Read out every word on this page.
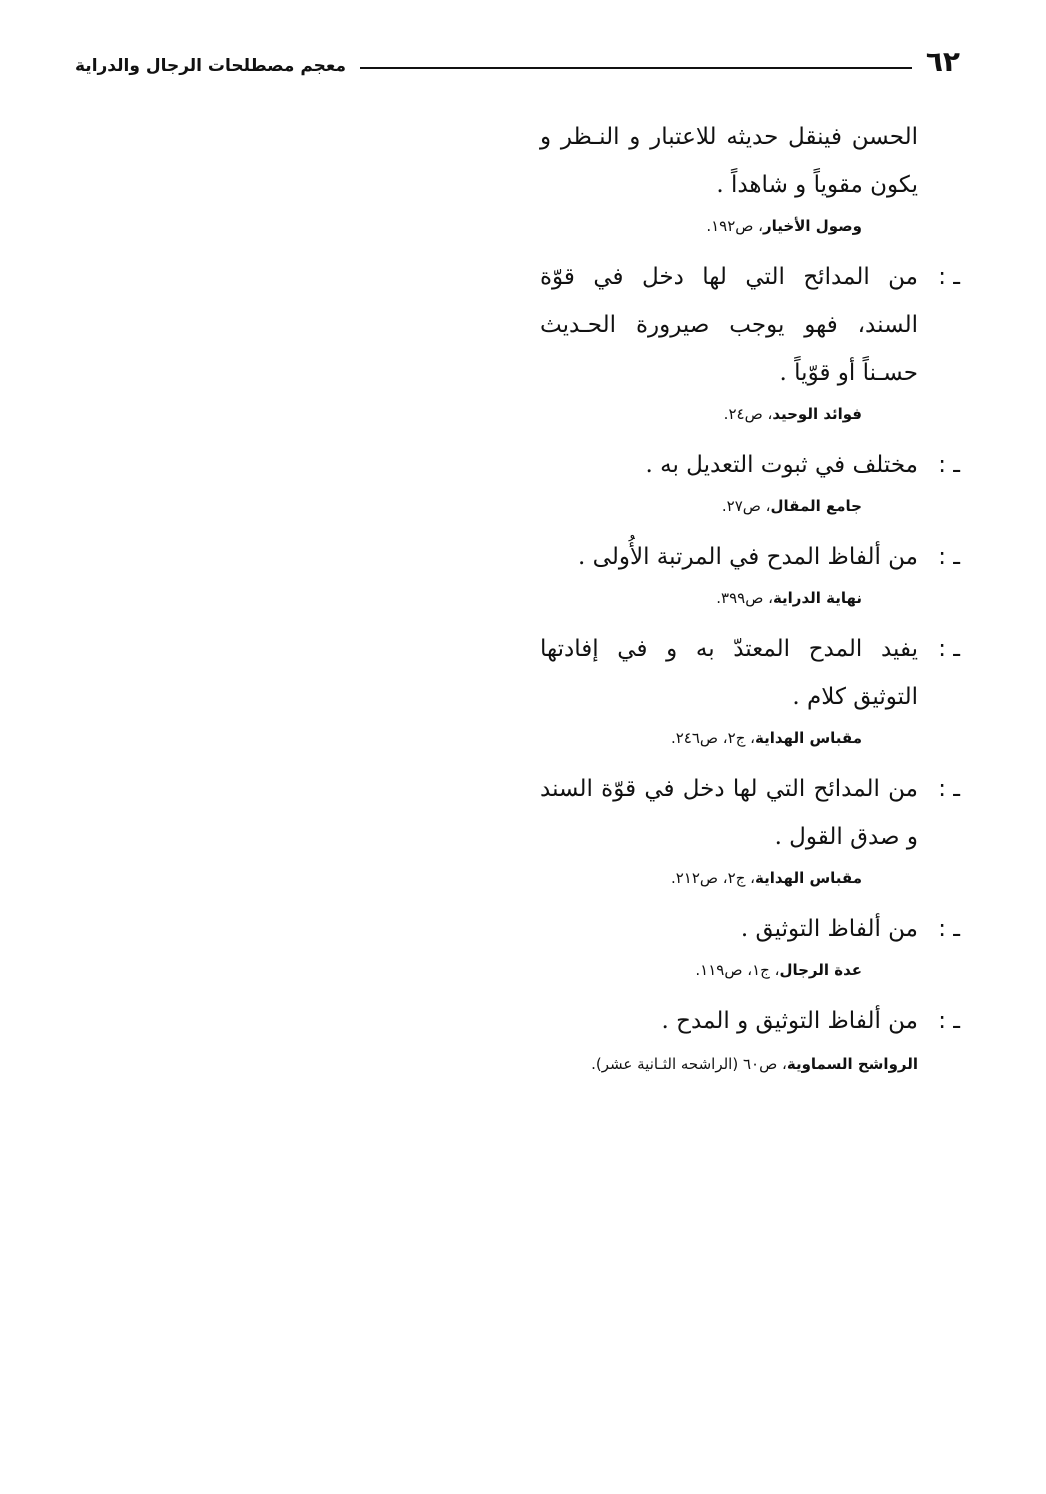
٦٢
معجم مصطلحات الرجال والدراية
الحسن فينقل حديثه للاعتبار و النـظر و يكون مقوياً و شاهداً .
وصول الأخيار، ص١٩٢.
ـ :
من المدائح التي لها دخل في قوّة السند، فهو يوجب صيرورة الحـديث حسـناً أو قوّياً .
فوائد الوحيد، ص٢٤.
ـ :
مختلف في ثبوت التعديل به .
جامع المقال، ص٢٧.
ـ :
من ألفاظ المدح في المرتبة الأُولى .
نهاية الدراية، ص٣٩٩.
ـ :
يفيد المدح المعتدّ به و في إفادتها التوثيق كلام .
مقباس الهداية، ج٢، ص٢٤٦.
ـ :
من المدائح التي لها دخل في قوّة السند و صدق القول .
مقباس الهداية، ج٢، ص٢١٢.
ـ :
من ألفاظ التوثيق .
عدة الرجال، ج١، ص١١٩.
ـ :
من ألفاظ التوثيق و المدح .
الرواشح السماوية، ص٦٠ (الراشحه الثـانية عشر).
